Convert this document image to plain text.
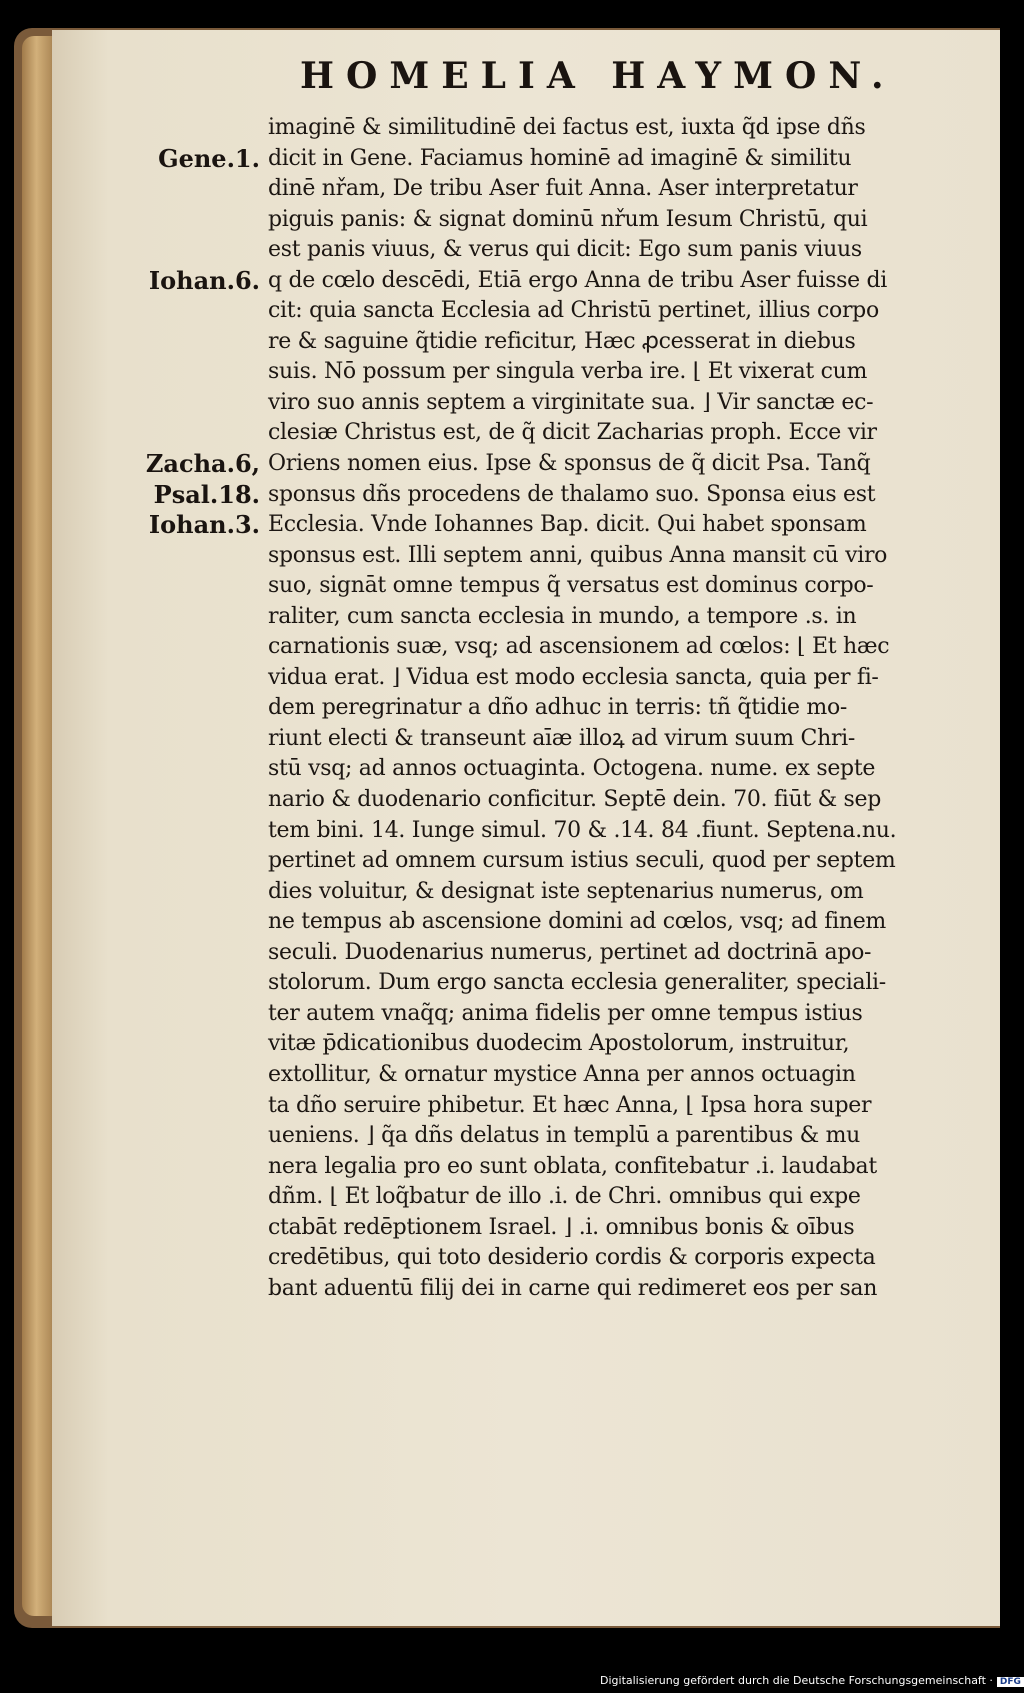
HOMELIA HAYMON.
Gene.1.
Iohan.6.
Zacha.6,
Psal.18.
Iohan.3.
imaginē & similitudinē dei factus est, iuxta q̃d ipse dñs
dicit in Gene. Faciamus hominē ad imaginē & similitu
dinē nřam, De tribu Aser fuit Anna. Aser interpretatur
piguis panis: & signat dominū nřum Iesum Christū, qui
est panis viuus, & verus qui dicit: Ego sum panis viuus
q de cœlo descēdi, Etiā ergo Anna de tribu Aser fuisse di
cit: quia sancta Ecclesia ad Christū pertinet, illius corpo
re & saguine q̃tidie reficitur, Hæc ꝓcesserat in diebus
suis. Nō possum per singula verba ire. ⌊ Et vixerat cum
viro suo annis septem a virginitate sua. ⌋ Vir sanctæ ec-
clesiæ Christus est, de q̃ dicit Zacharias proph. Ecce vir
Oriens nomen eius. Ipse & sponsus de q̃ dicit Psa. Tanq̃
sponsus dñs procedens de thalamo suo. Sponsa eius est
Ecclesia. Vnde Iohannes Bap. dicit. Qui habet sponsam
sponsus est. Illi septem anni, quibus Anna mansit cū viro
suo, signāt omne tempus q̃ versatus est dominus corpo-
raliter, cum sancta ecclesia in mundo, a tempore .s. in
carnationis suæ, vsq; ad ascensionem ad cœlos: ⌊ Et hæc
vidua erat. ⌋ Vidua est modo ecclesia sancta, quia per fi-
dem peregrinatur a dño adhuc in terris: tñ q̃tidie mo-
riunt electi & transeunt aīæ illoꝝ ad virum suum Chri-
stū vsq; ad annos octuaginta. Octogena. nume. ex septe
nario & duodenario conficitur. Septē dein. 70. fiūt & sep
tem bini. 14. Iunge simul. 70 & .14. 84 .fiunt. Septena.nu.
pertinet ad omnem cursum istius seculi, quod per septem
dies voluitur, & designat iste septenarius numerus, om
ne tempus ab ascensione domini ad cœlos, vsq; ad finem
seculi. Duodenarius numerus, pertinet ad doctrinā apo-
stolorum. Dum ergo sancta ecclesia generaliter, speciali-
ter autem vnaq̃q; anima fidelis per omne tempus istius
vitæ p̄dicationibus duodecim Apostolorum, instruitur,
extollitur, & ornatur mystice Anna per annos octuagin
ta dño seruire phibetur. Et hæc Anna, ⌊ Ipsa hora super
ueniens. ⌋ q̃a dñs delatus in templū a parentibus & mu
nera legalia pro eo sunt oblata, confitebatur .i. laudabat
dñm. ⌊ Et loq̃batur de illo .i. de Chri. omnibus qui expe
ctabāt redēptionem Israel. ⌋ .i. omnibus bonis & oībus
credētibus, qui toto desiderio cordis & corporis expecta
bant aduentū filij dei in carne qui redimeret eos per san
Digitalisierung gefördert durch die Deutsche Forschungsgemeinschaft · DFG
